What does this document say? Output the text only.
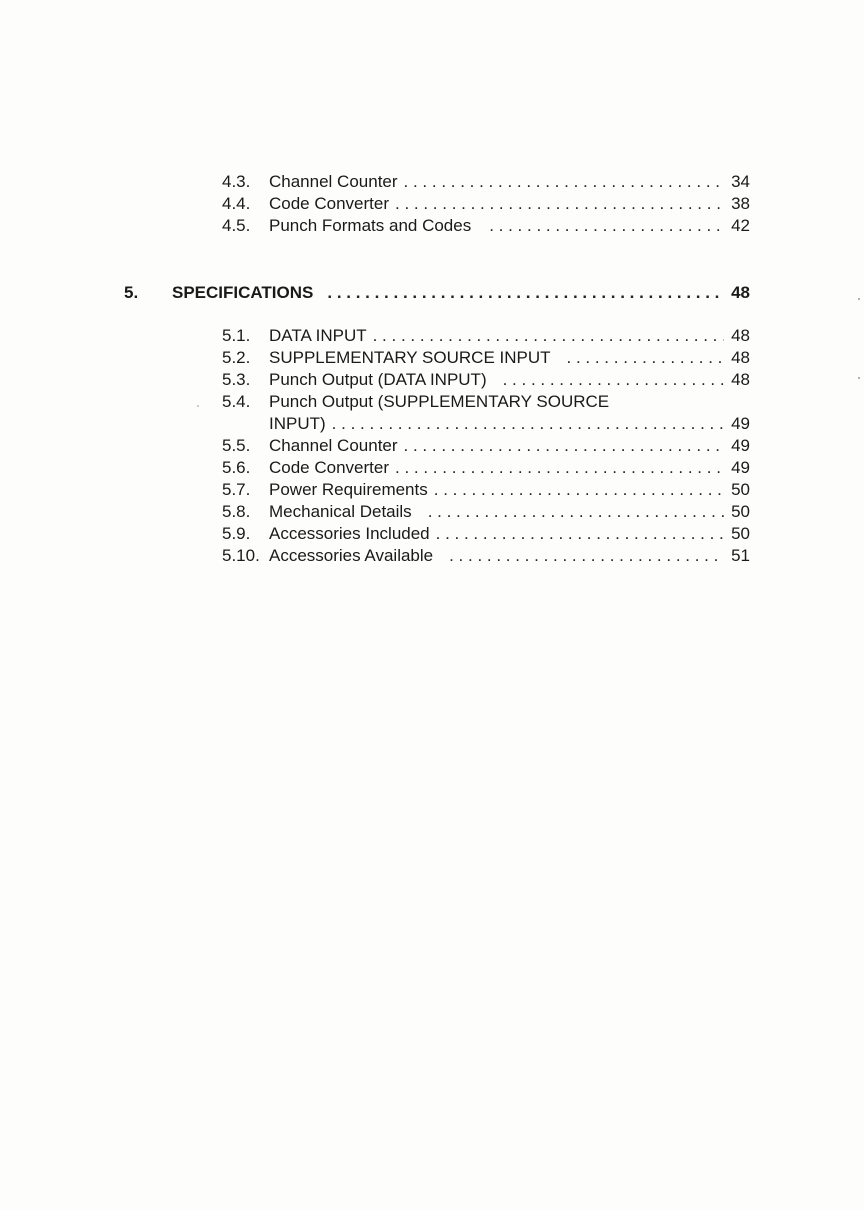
4.3.	Channel Counter . . .	34
4.4.	Code Converter . . .	38
4.5.	Punch Formats and Codes . . .	42
5.	SPECIFICATIONS . . .	48
5.1.	DATA INPUT . . .	48
5.2.	SUPPLEMENTARY SOURCE INPUT . . .	48
5.3.	Punch Output (DATA INPUT) . . .	48
5.4.	Punch Output (SUPPLEMENTARY SOURCE
INPUT) . . .	49
5.5.	Channel Counter . . .	49
5.6.	Code Converter . . .	49
5.7.	Power Requirements . . .	50
5.8.	Mechanical Details . . .	50
5.9.	Accessories Included . . .	50
5.10. Accessories Available . . .	51
